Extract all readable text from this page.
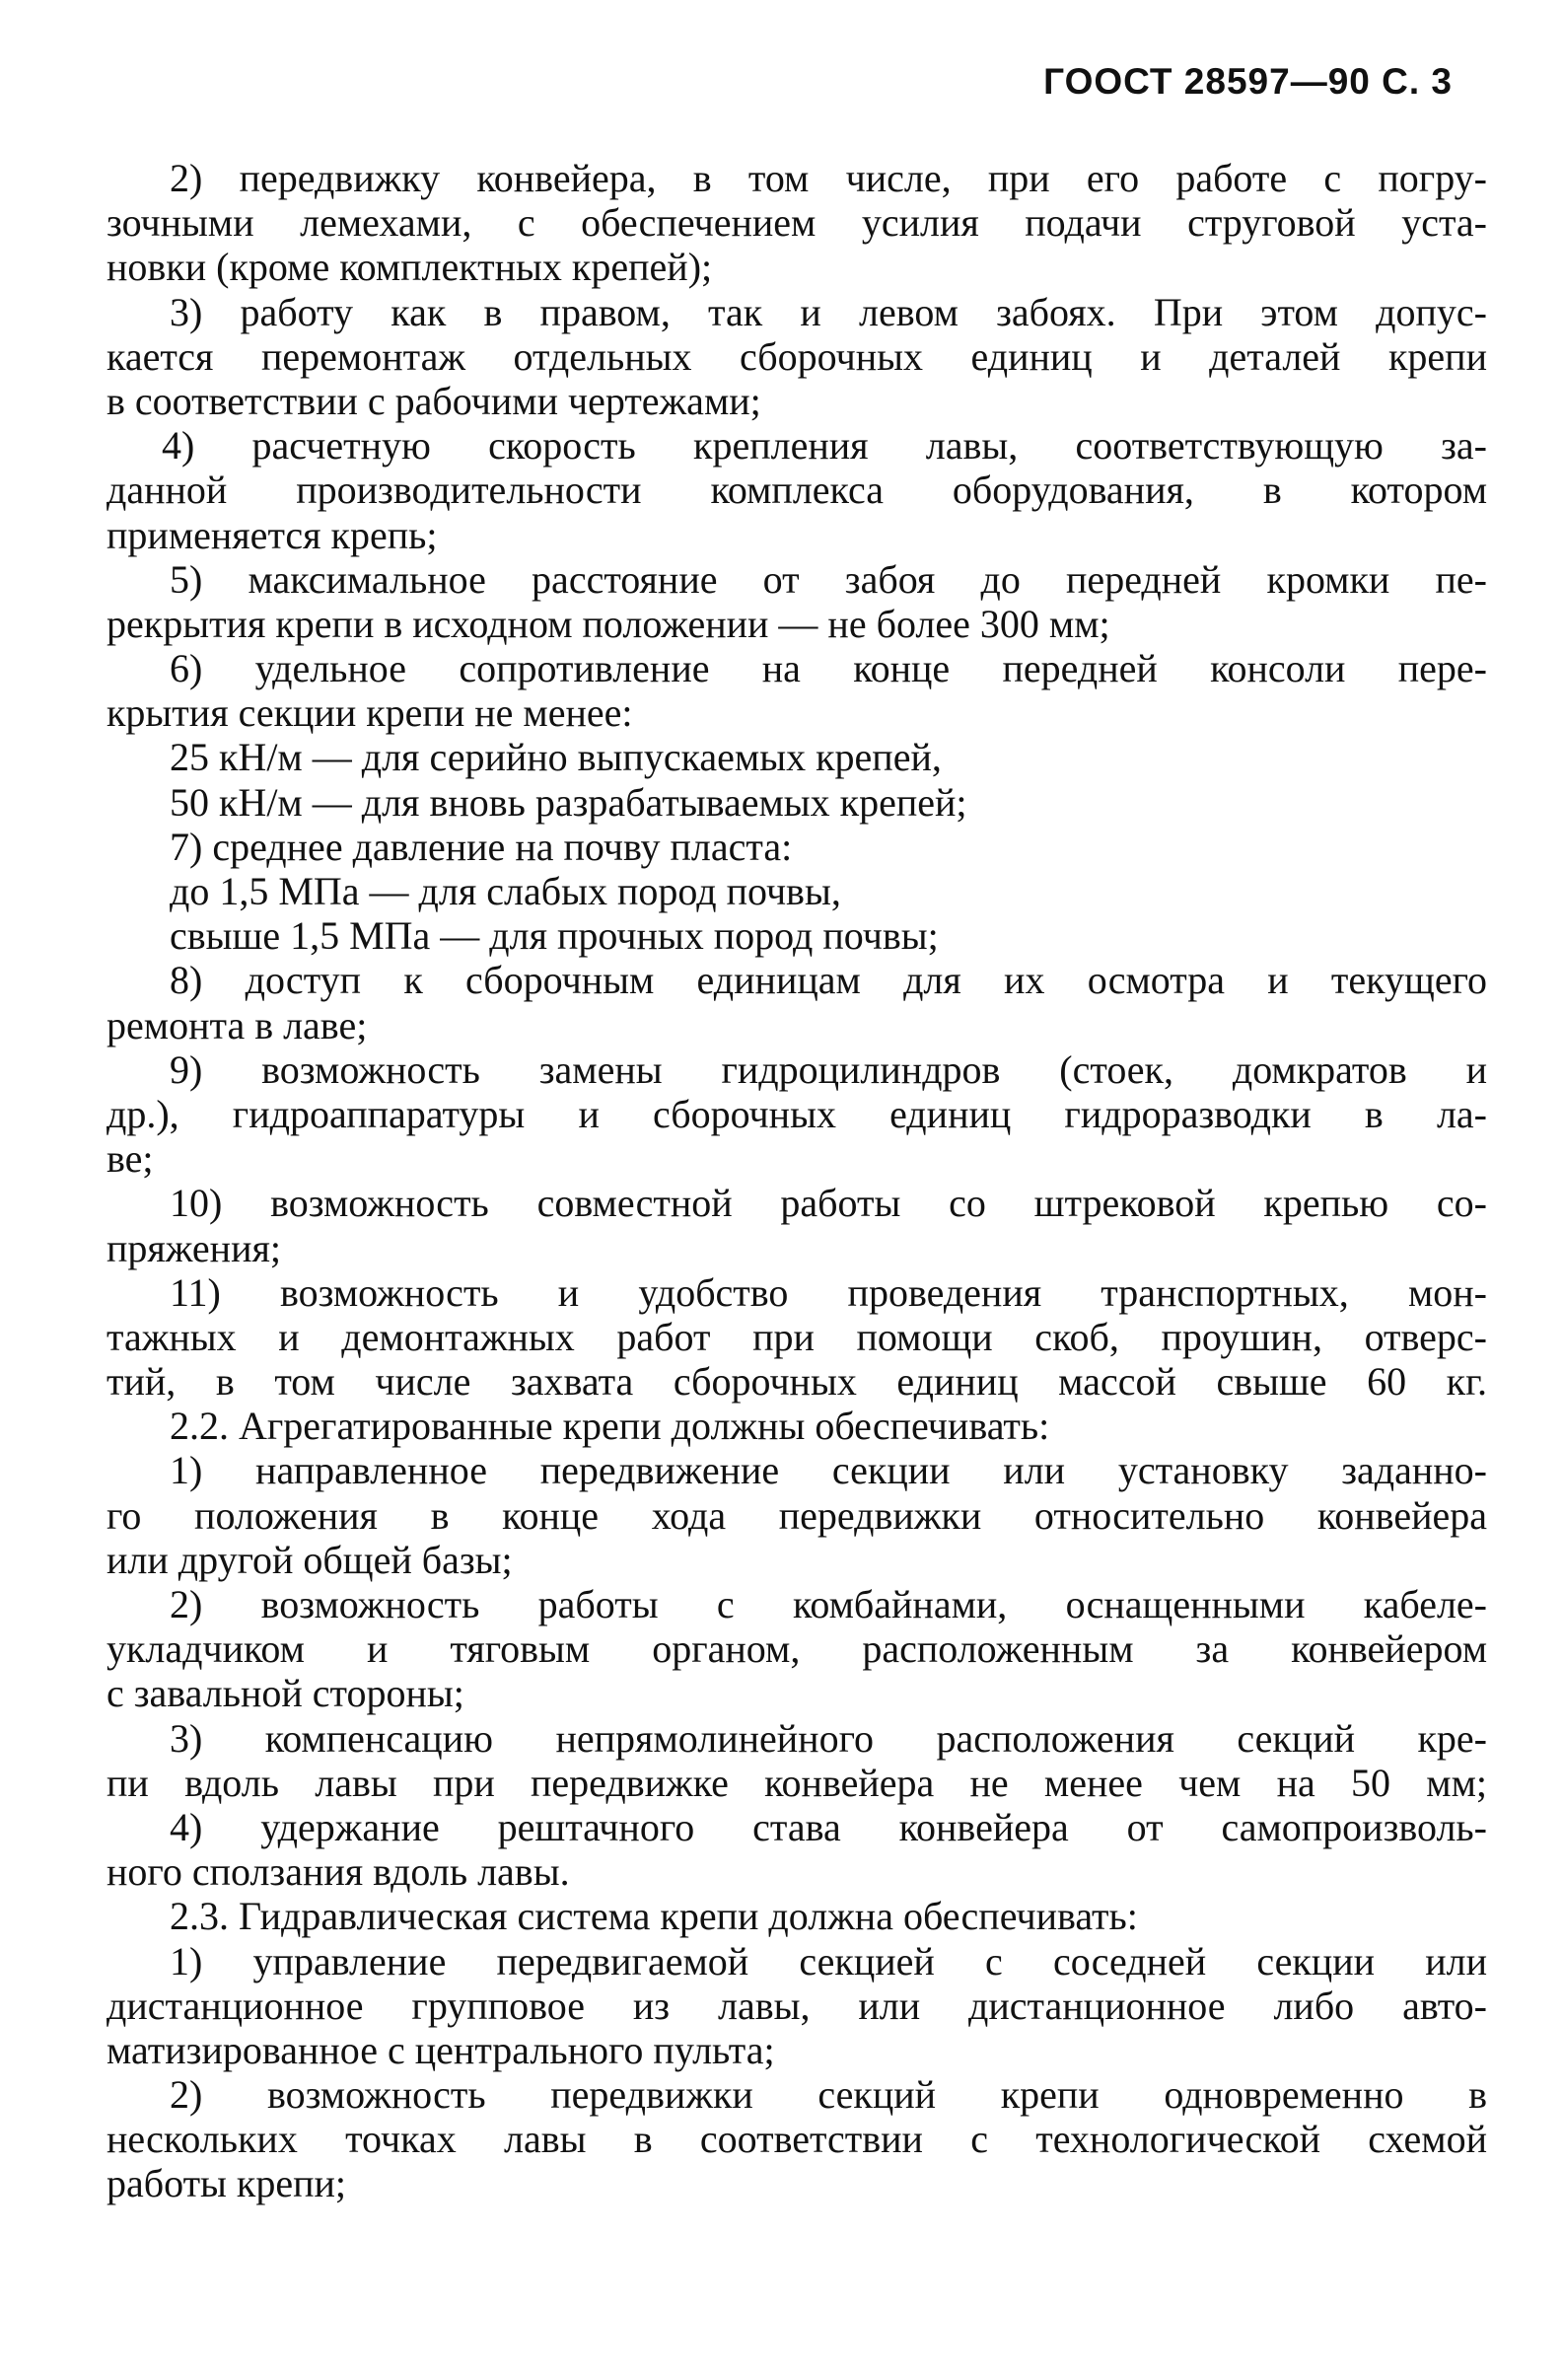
ГООСТ 28597—90 С. 3
2) передвижку конвейера, в том числе, при его работе с погру-
зочными лемехами, с обеспечением усилия подачи струговой уста-
новки (кроме комплектных крепей);
3) работу как в правом, так и левом забоях. При этом допус-
кается перемонтаж отдельных сборочных единиц и деталей крепи
в соответствии с рабочими чертежами;
4) расчетную скорость крепления лавы, соответствующую за-
данной производительности комплекса оборудования, в котором
применяется крепь;
5) максимальное расстояние от забоя до передней кромки пе-
рекрытия крепи в исходном положении — не более 300 мм;
6) удельное сопротивление на конце передней консоли пере-
крытия секции крепи не менее:
25 кН/м — для серийно выпускаемых крепей,
50 кН/м — для вновь разрабатываемых крепей;
7) среднее давление на почву пласта:
до 1,5 МПа — для слабых пород почвы,
свыше 1,5 МПа — для прочных пород почвы;
8) доступ к сборочным единицам для их осмотра и текущего
ремонта в лаве;
9) возможность замены гидроцилиндров (стоек, домкратов и
др.), гидроаппаратуры и сборочных единиц гидроразводки в ла-
ве;
10) возможность совместной работы со штрековой крепью со-
пряжения;
11) возможность и удобство проведения транспортных, мон-
тажных и демонтажных работ при помощи скоб, проушин, отверс-
тий, в том числе захвата сборочных единиц массой свыше 60 кг.
2.2. Агрегатированные крепи должны обеспечивать:
1) направленное передвижение секции или установку заданно-
го положения в конце хода передвижки относительно конвейера
или другой общей базы;
2) возможность работы с комбайнами, оснащенными кабеле-
укладчиком и тяговым органом, расположенным за конвейером
с завальной стороны;
3) компенсацию непрямолинейного расположения секций кре-
пи вдоль лавы при передвижке конвейера не менее чем на 50 мм;
4) удержание рештачного става конвейера от самопроизволь-
ного сползания вдоль лавы.
2.3. Гидравлическая система крепи должна обеспечивать:
1) управление передвигаемой секцией с соседней секции или
дистанционное групповое из лавы, или дистанционное либо авто-
матизированное с центрального пульта;
2) возможность передвижки секций крепи одновременно в
нескольких точках лавы в соответствии с технологической схемой
работы крепи;
